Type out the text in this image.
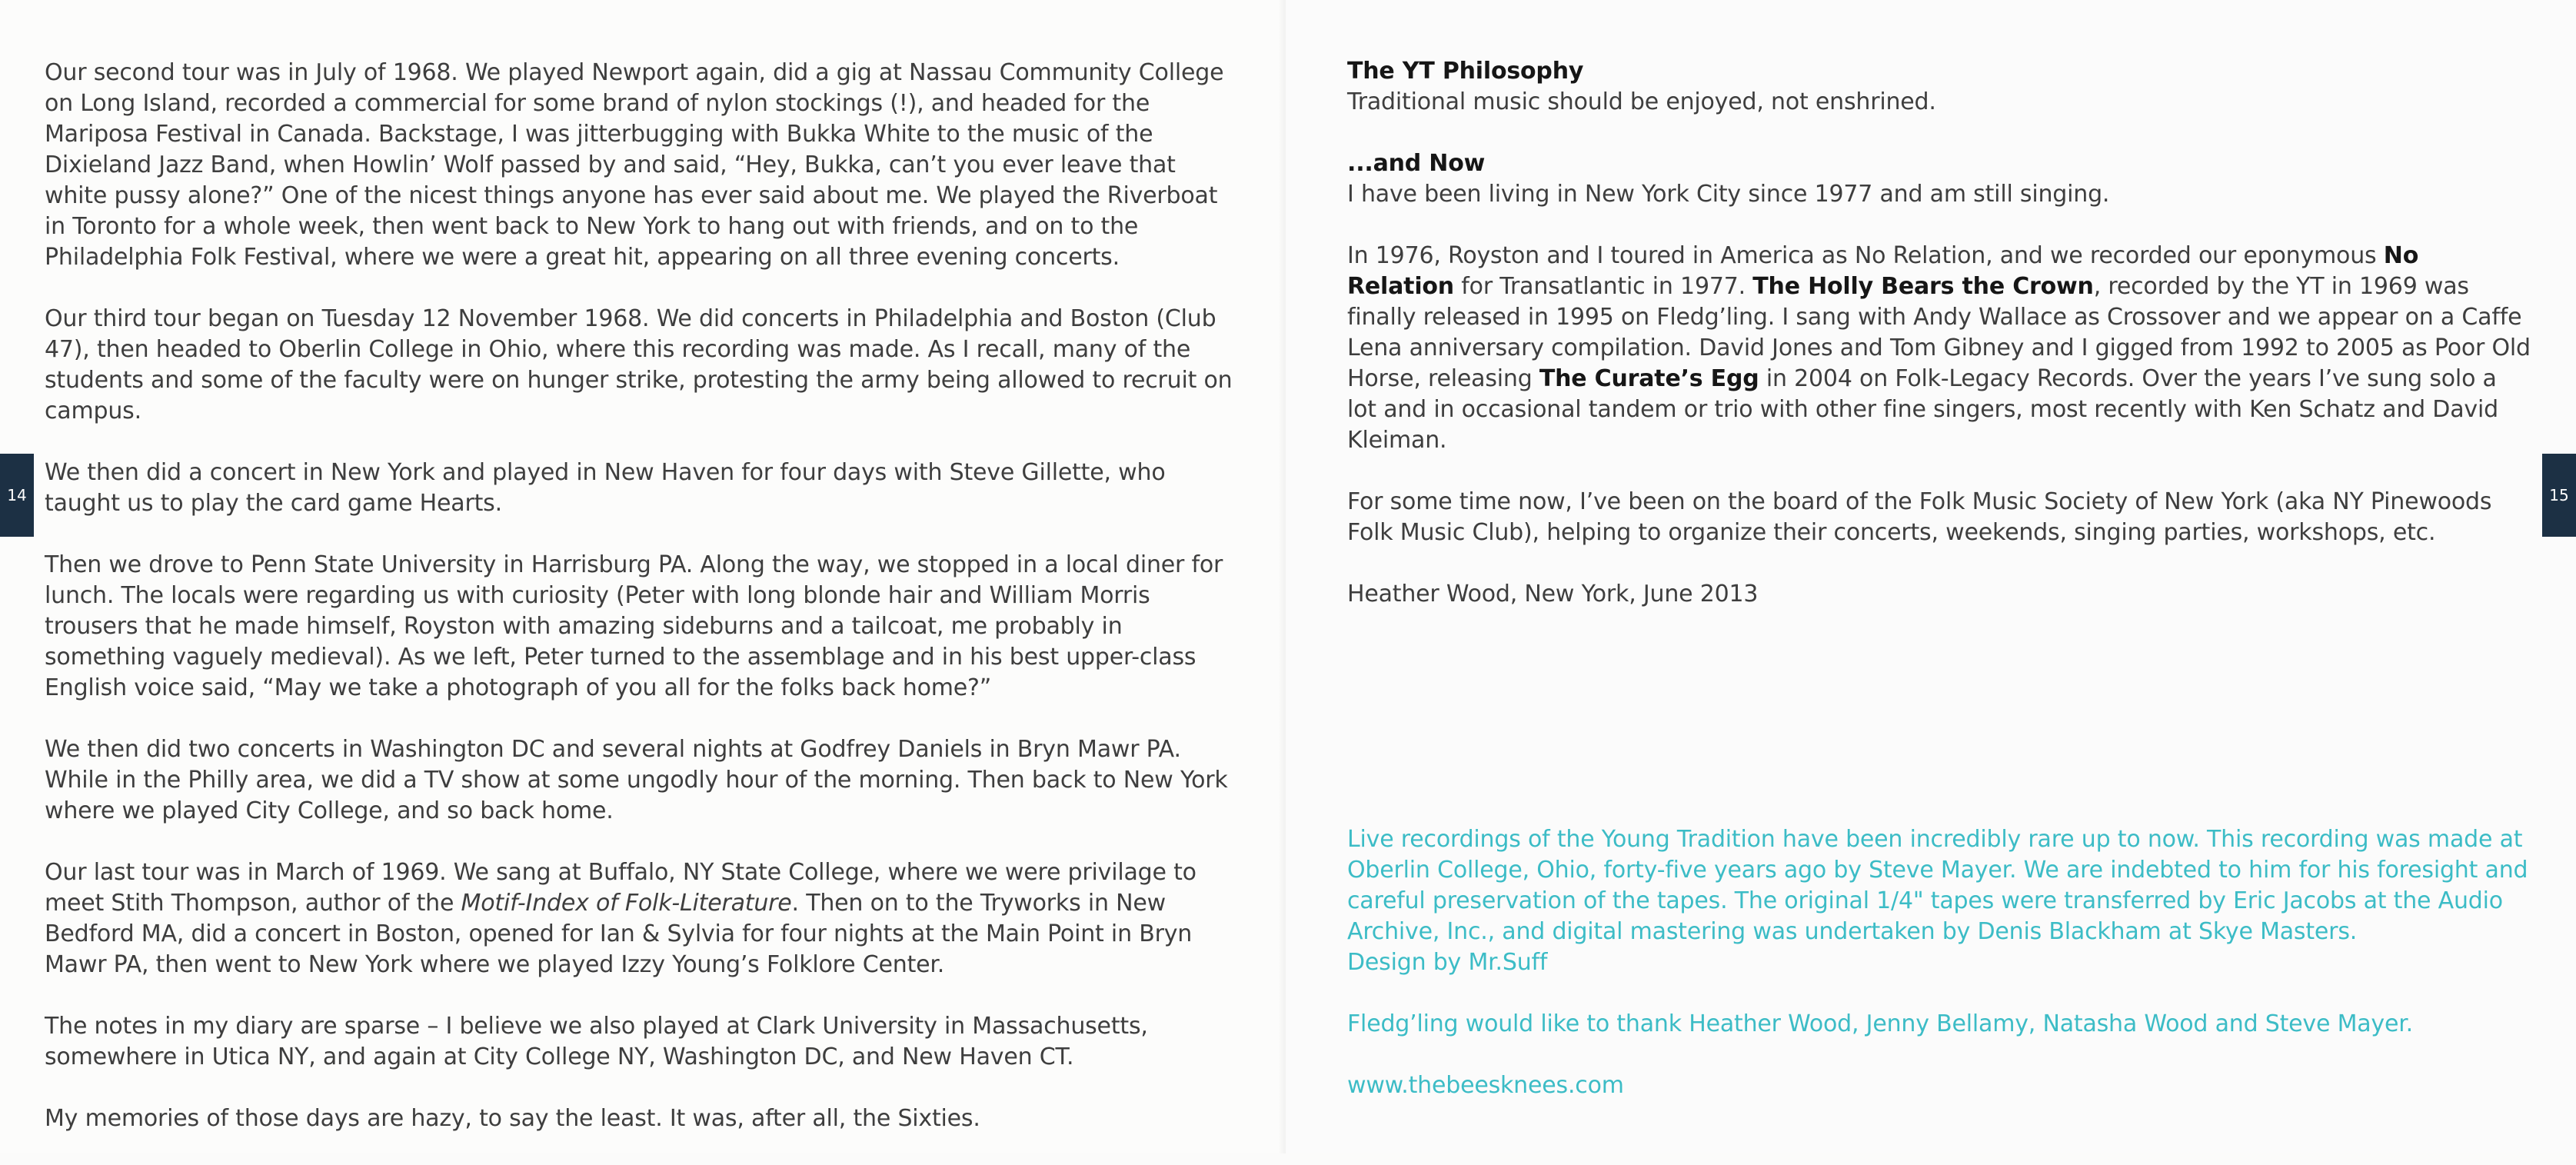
Our second tour was in July of 1968. We played Newport again, did a gig at Nassau Community College on Long Island, recorded a commercial for some brand of nylon stockings (!), and headed for the Mariposa Festival in Canada. Backstage, I was jitterbugging with Bukka White to the music of the Dixieland Jazz Band, when Howlin’ Wolf passed by and said, “Hey, Bukka, can’t you ever leave that white pussy alone?” One of the nicest things anyone has ever said about me. We played the Riverboat in Toronto for a whole week, then went back to New York to hang out with friends, and on to the Philadelphia Folk Festival, where we were a great hit, appearing on all three evening concerts.

Our third tour began on Tuesday 12 November 1968. We did concerts in Philadelphia and Boston (Club 47), then headed to Oberlin College in Ohio, where this recording was made. As I recall, many of the students and some of the faculty were on hunger strike, protesting the army being allowed to recruit on campus.

We then did a concert in New York and played in New Haven for four days with Steve Gillette, who taught us to play the card game Hearts.

Then we drove to Penn State University in Harrisburg PA. Along the way, we stopped in a local diner for lunch. The locals were regarding us with curiosity (Peter with long blonde hair and William Morris trousers that he made himself, Royston with amazing sideburns and a tailcoat, me probably in something vaguely medieval). As we left, Peter turned to the assemblage and in his best upper-class English voice said, “May we take a photograph of you all for the folks back home?”

We then did two concerts in Washington DC and several nights at Godfrey Daniels in Bryn Mawr PA. While in the Philly area, we did a TV show at some ungodly hour of the morning. Then back to New York where we played City College, and so back home.

Our last tour was in March of 1969. We sang at Buffalo, NY State College, where we were privilage to meet Stith Thompson, author of the Motif-Index of Folk-Literature. Then on to the Tryworks in New Bedford MA, did a concert in Boston, opened for Ian & Sylvia for four nights at the Main Point in Bryn Mawr PA, then went to New York where we played Izzy Young’s Folklore Center.

The notes in my diary are sparse – I believe we also played at Clark University in Massachusetts, somewhere in Utica NY, and again at City College NY, Washington DC, and New Haven CT.

My memories of those days are hazy, to say the least. It was, after all, the Sixties.

14

The YT Philosophy
Traditional music should be enjoyed, not enshrined.

...and Now
I have been living in New York City since 1977 and am still singing.

In 1976, Royston and I toured in America as No Relation, and we recorded our eponymous No Relation for Transatlantic in 1977. The Holly Bears the Crown, recorded by the YT in 1969 was finally released in 1995 on Fledg’ling. I sang with Andy Wallace as Crossover and we appear on a Caffe Lena anniversary compilation. David Jones and Tom Gibney and I gigged from 1992 to 2005 as Poor Old Horse, releasing The Curate’s Egg in 2004 on Folk-Legacy Records. Over the years I’ve sung solo a lot and in occasional tandem or trio with other fine singers, most recently with Ken Schatz and David Kleiman.

For some time now, I’ve been on the board of the Folk Music Society of New York (aka NY Pinewoods Folk Music Club), helping to organize their concerts, weekends, singing parties, workshops, etc.

Heather Wood, New York, June 2013

15

Live recordings of the Young Tradition have been incredibly rare up to now. This recording was made at Oberlin College, Ohio, forty-five years ago by Steve Mayer. We are indebted to him for his foresight and careful preservation of the tapes. The original 1/4" tapes were transferred by Eric Jacobs at the Audio Archive, Inc., and digital mastering was undertaken by Denis Blackham at Skye Masters.
Design by Mr.Suff

Fledg’ling would like to thank Heather Wood, Jenny Bellamy, Natasha Wood and Steve Mayer.

www.thebeesknees.com
